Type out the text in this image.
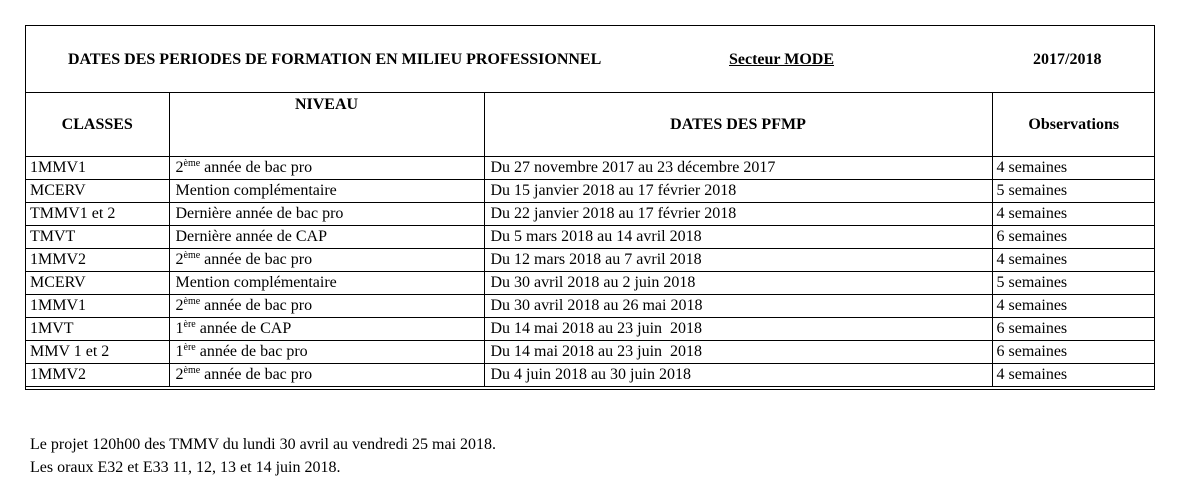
DATES DES PERIODES DE FORMATION EN MILIEU PROFESSIONNEL	Secteur MODE	2017/2018
CLASSES	NIVEAU	DATES DES PFMP	Observations
1MMV1	2ème année de bac pro	Du 27 novembre 2017 au 23 décembre 2017	4 semaines
MCERV	Mention complémentaire	Du 15 janvier 2018 au 17 février 2018	5 semaines
TMMV1 et 2	Dernière année de bac pro	Du 22 janvier 2018 au 17 février 2018	4 semaines
TMVT	Dernière année de CAP	Du 5 mars 2018 au 14 avril 2018	6 semaines
1MMV2	2ème année de bac pro	Du 12 mars 2018 au 7 avril 2018	4 semaines
MCERV	Mention complémentaire	Du 30 avril 2018 au 2 juin 2018	5 semaines
1MMV1	2ème année de bac pro	Du 30 avril 2018 au 26 mai 2018	4 semaines
1MVT	1ère année de CAP	Du 14 mai 2018 au 23 juin  2018	6 semaines
MMV 1 et 2	1ère année de bac pro	Du 14 mai 2018 au 23 juin  2018	6 semaines
1MMV2	2ème année de bac pro	Du 4 juin 2018 au 30 juin 2018	4 semaines
Le projet 120h00 des TMMV du lundi 30 avril au vendredi 25 mai 2018.
Les oraux E32 et E33 11, 12, 13 et 14 juin 2018.
